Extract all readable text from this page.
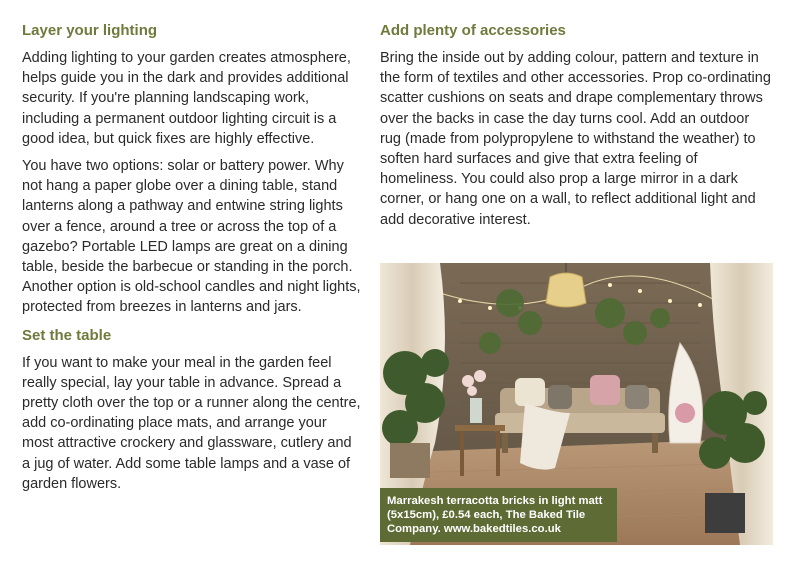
Layer your lighting

Adding lighting to your garden creates atmosphere, helps guide you in the dark and provides additional security. If you're planning landscaping work, including a permanent outdoor lighting circuit is a good idea, but quick fixes are highly effective.

You have two options: solar or battery power. Why not hang a paper globe over a dining table, stand lanterns along a pathway and entwine string lights over a fence, around a tree or across the top of a gazebo? Portable LED lamps are great on a dining table, beside the barbecue or standing in the porch. Another option is old-school candles and night lights, protected from breezes in lanterns and jars.

Set the table

If you want to make your meal in the garden feel really special, lay your table in advance. Spread a pretty cloth over the top or a runner along the centre, add co-ordinating place mats, and arrange your most attractive crockery and glassware, cutlery and a jug of water. Add some table lamps and a vase of garden flowers.

Add plenty of accessories

Bring the inside out by adding colour, pattern and texture in the form of textiles and other accessories. Prop co-ordinating scatter cushions on seats and drape complementary throws over the backs in case the day turns cool. Add an outdoor rug (made from polypropylene to withstand the weather) to soften hard surfaces and give that extra feeling of homeliness. You could also prop a large mirror in a dark corner, or hang one on a wall, to reflect additional light and add decorative interest.

Marrakesh terracotta bricks in light matt (5x15cm), £0.54 each, The Baked Tile Company. www.bakedtiles.co.uk
